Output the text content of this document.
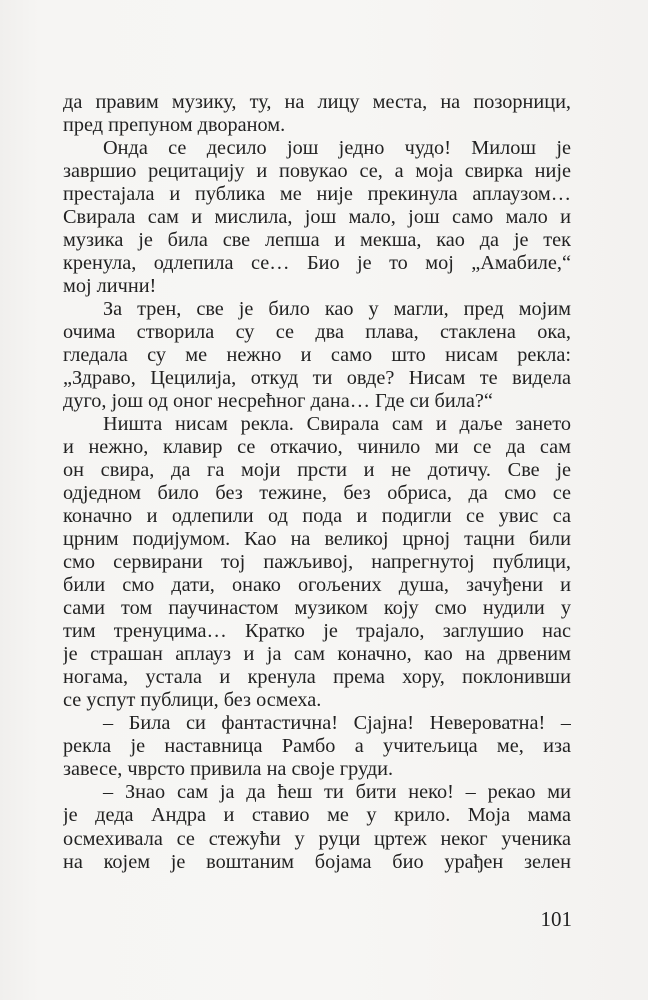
да правим музику, ту, на лицу места, на позорници,
пред препуном дворaном.
Онда се десило још једно чудо! Милош је
завршио рецитацију и повукао се, а моја свирка није
престајала и публика ме није прекинула аплаузом…
Свирала сам и мислила, још мало, још само мало и
музика је била све лепша и мекша, као да је тек
кренула, одлепила се… Био је то мој „Амабиле,“
мој лични!
За трен, све је било као у магли, пред мојим
очима створила су се два плава, стаклена ока,
гледала су ме нежно и само што нисам рекла:
„Здраво, Цецилија, откуд ти овде? Нисам те видела
дуго, још од оног несрећног дана… Где си била?“
Ништа нисам рекла. Свирала сам и даље зането
и нежно, клавир се откачио, чинило ми се да сам
он свира, да га моји прсти и не дотичу. Све је
одједном било без тежине, без обриса, да смо се
коначно и одлепили од пода и подигли се увис са
црним подијумом. Као на великој црној тацни били
смо сервирани тој пажљивој, напрегнутој публици,
били смо дати, онако огољених душа, зачуђени и
сами том паучинастом музиком коју смо нудили у
тим тренуцима… Кратко је трајало, заглушио нас
је страшан аплауз и ја сам коначно, као на дрвеним
ногама, устала и кренула према хору, поклонивши
се успут публици, без осмеха.
– Била си фантастична! Сјајна! Невероватна! –
рекла је наставница Рамбо а учитељица ме, иза
завесе, чврсто привила на своје груди.
– Знао сам ја да ћеш ти бити неко! – рекао ми
је деда Андра и ставио ме у крило. Моја мама
осмехивала се стежући у руци цртеж неког ученика
на којем је воштаним бојама био урађен зелен
101
